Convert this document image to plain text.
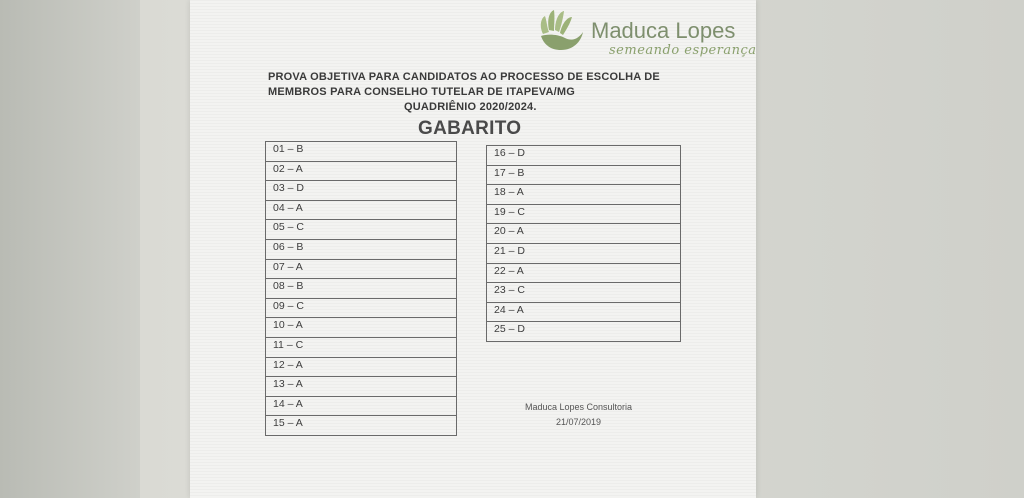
Maduca Lopes
semeando esperança
PROVA OBJETIVA PARA CANDIDATOS AO PROCESSO DE ESCOLHA DE
MEMBROS PARA CONSELHO TUTELAR DE ITAPEVA/MG
QUADRIÊNIO 2020/2024.
GABARITO
01 – B
02 – A
03 – D
04 – A
05 – C
06 – B
07 – A
08 – B
09 – C
10 – A
11 – C
12 – A
13 – A
14 – A
15 – A
16 – D
17 – B
18 – A
19 – C
20 – A
21 – D
22 – A
23 – C
24 – A
25 – D
Maduca Lopes Consultoria
21/07/2019
